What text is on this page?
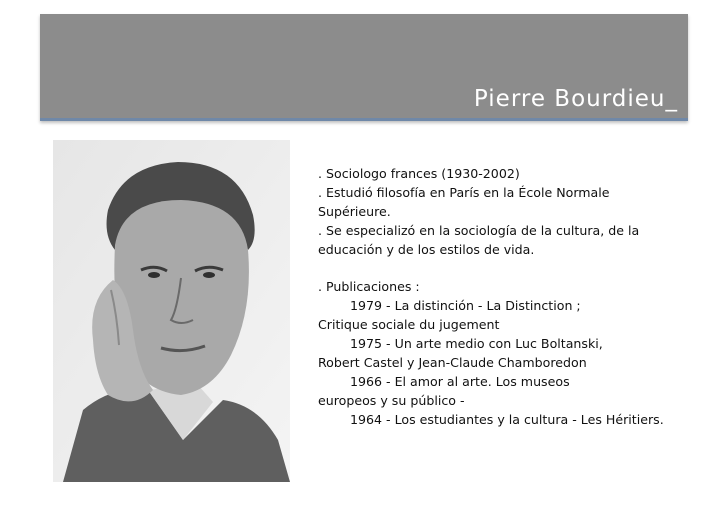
Pierre Bourdieu_

. Sociologo frances (1930-2002)

. Estudió filosofía en París en la École Normale

Supérieure.

. Se especializó en la sociología de la cultura, de la

educación y de los estilos de vida.

. Publicaciones :

1979 - La distinción - La Distinction ;

Critique sociale du jugement

1975 - Un arte medio con Luc Boltanski,

Robert Castel y Jean-Claude Chamboredon

1966 - El amor al arte. Los museos

europeos y su público -

1964 - Los estudiantes y la cultura - Les Héritiers.
